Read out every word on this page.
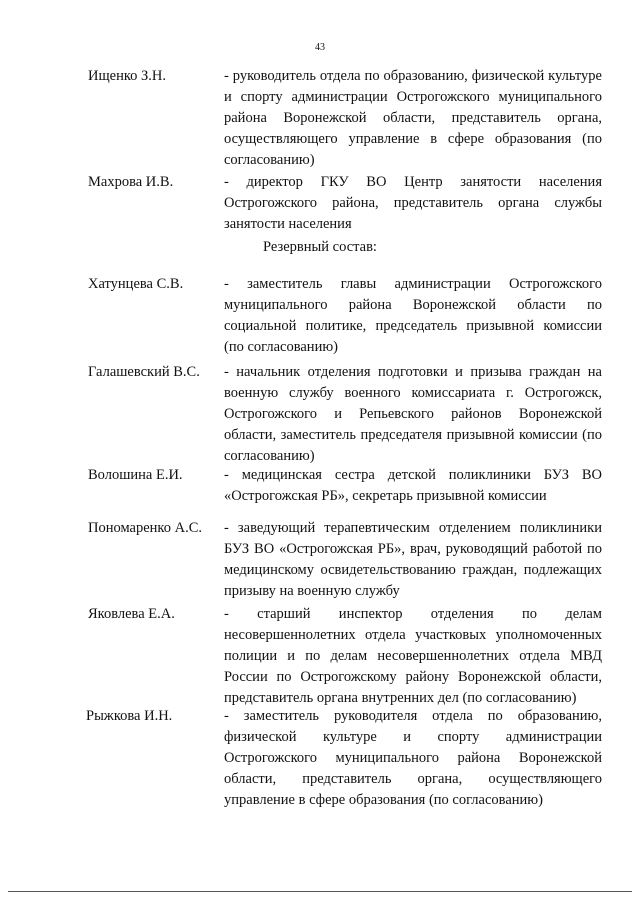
43
Ищенко З.Н.	- руководитель отдела по образованию, физической культуре и спорту администрации Острогожского муниципального района Воронежской области, представитель органа, осуществляющего управление в сфере образования (по согласованию)
Махрова И.В.	- директор ГКУ ВО Центр занятости населения Острогожского района, представитель органа службы занятости населения
Резервный состав:
Хатунцева С.В.	- заместитель главы администрации Острогожского муниципального района Воронежской области по социальной политике, председатель призывной комиссии (по согласованию)
Галашевский В.С. - начальник отделения подготовки и призыва граждан на военную службу военного комиссариата г. Острогожск, Острогожского и Репьевского районов Воронежской области, заместитель председателя призывной комиссии (по согласованию)
Волошина Е.И.	- медицинская сестра детской поликлиники БУЗ ВО «Острогожская РБ», секретарь призывной комиссии
Пономаренко А.С. - заведующий терапевтическим отделением поликлиники БУЗ ВО «Острогожская РБ», врач, руководящий работой по медицинскому освидетельствованию граждан, подлежащих призыву на военную службу
Яковлева Е.А.	- старший инспектор отделения по делам несовершеннолетних отдела участковых уполномоченных полиции и по делам несовершеннолетних отдела МВД России по Острогожскому району Воронежской области, представитель органа внутренних дел (по согласованию)
Рыжкова И.Н.	- заместитель руководителя отдела по образованию, физической культуре и спорту администрации Острогожского муниципального района Воронежской области, представитель органа, осуществляющего управление в сфере образования (по согласованию)
